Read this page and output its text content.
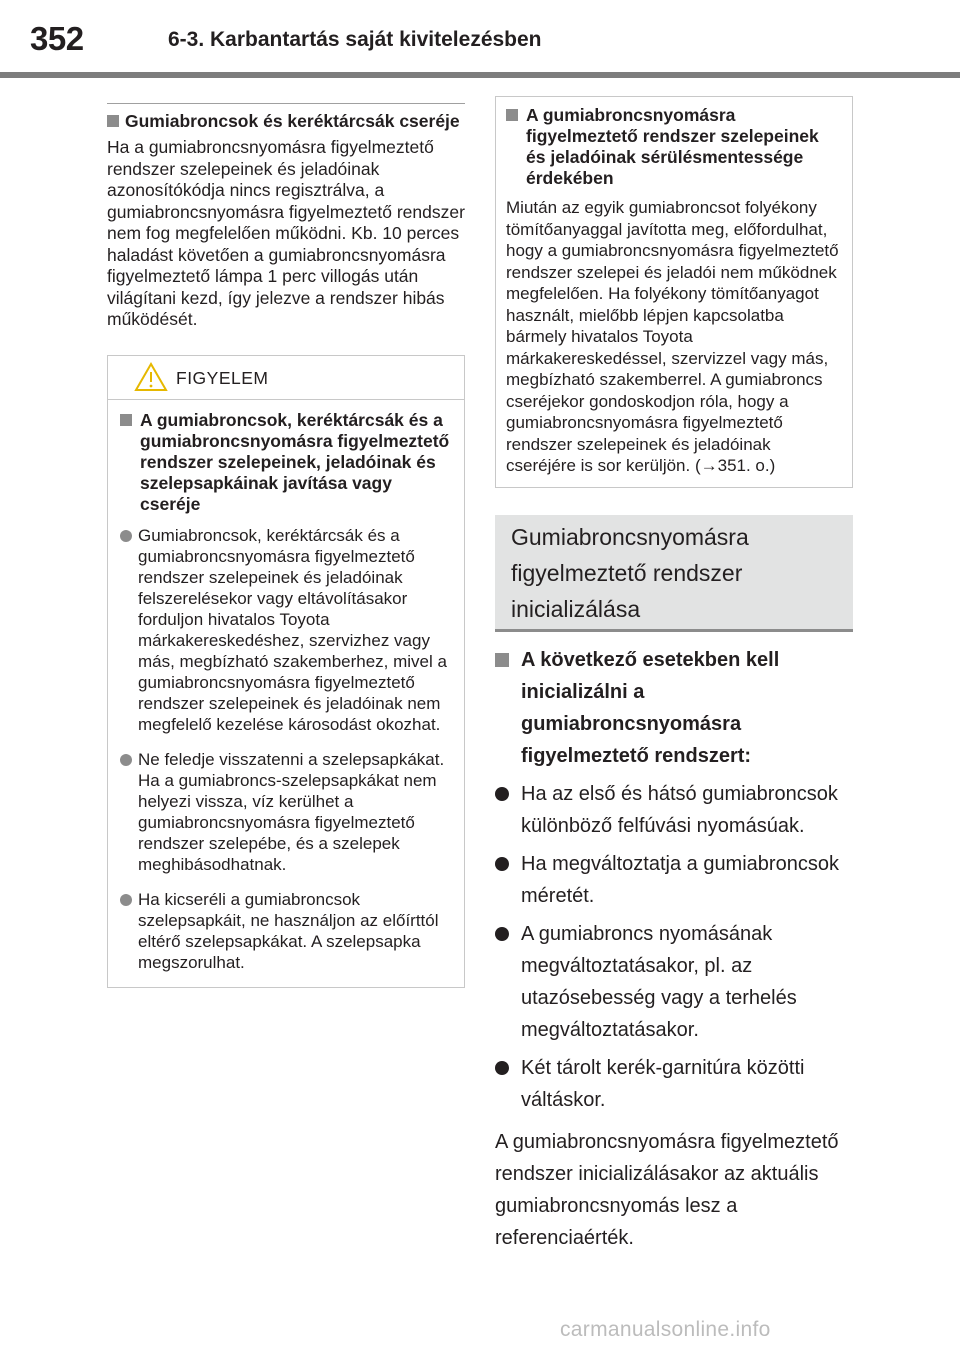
352	6-3. Karbantartás saját kivitelezésben
Gumiabroncsok és keréktárcsák cseréje
Ha a gumiabroncsnyomásra figyelmeztető rendszer szelepeinek és jeladóinak azonosítókódja nincs regisztrálva, a gumiabroncsnyomásra figyelmeztető rendszer nem fog megfelelően működni. Kb. 10 perces haladást követően a gumiabroncsnyomásra figyelmeztető lámpa 1 perc villogás után világítani kezd, így jelezve a rendszer hibás működését.
FIGYELEM
A gumiabroncsok, keréktárcsák és a gumiabroncsnyomásra figyelmeztető rendszer szelepeinek, jeladóinak és szelepsapkáinak javítása vagy cseréje
Gumiabroncsok, keréktárcsák és a gumiabroncsnyomásra figyelmeztető rendszer szelepeinek és jeladóinak felszerelésekor vagy eltávolításakor forduljon hivatalos Toyota márkakereskedéshez, szervizhez vagy más, megbízható szakemberhez, mivel a gumiabroncsnyomásra figyelmeztető rendszer szelepeinek és jeladóinak nem megfelelő kezelése károsodást okozhat.
Ne feledje visszatenni a szelepsapkákat. Ha a gumiabroncs-szelepsapkákat nem helyezi vissza, víz kerülhet a gumiabroncsnyomásra figyelmeztető rendszer szelepébe, és a szelepek meghibásodhatnak.
Ha kicseréli a gumiabroncsok szelepsapkáit, ne használjon az előírttól eltérő szelepsapkákat. A szelepsapka megszorulhat.
A gumiabroncsnyomásra figyelmeztető rendszer szelepeinek és jeladóinak sérülésmentessége érdekében
Miután az egyik gumiabroncsot folyékony tömítőanyaggal javította meg, előfordulhat, hogy a gumiabroncsnyomásra figyelmeztető rendszer szelepei és jeladói nem működnek megfelelően. Ha folyékony tömítőanyagot használt, mielőbb lépjen kapcsolatba bármely hivatalos Toyota márkakereskedéssel, szervizzel vagy más, megbízható szakemberrel. A gumiabroncs cseréjekor gondoskodjon róla, hogy a gumiabroncsnyomásra figyelmeztető rendszer szelepeinek és jeladóinak cseréjére is sor kerüljön. (→351. o.)
Gumiabroncsnyomásra figyelmeztető rendszer inicializálása
A következő esetekben kell inicializálni a gumiabroncsnyomásra figyelmeztető rendszert:
Ha az első és hátsó gumiabroncsok különböző felfúvási nyomásúak.
Ha megváltoztatja a gumiabroncsok méretét.
A gumiabroncs nyomásának megváltoztatásakor, pl. az utazósebesség vagy a terhelés megváltoztatásakor.
Két tárolt kerék-garnitúra közötti váltáskor.
A gumiabroncsnyomásra figyelmeztető rendszer inicializálásakor az aktuális gumiabroncsnyomás lesz a referenciaérték.
carmanualsonline.info
